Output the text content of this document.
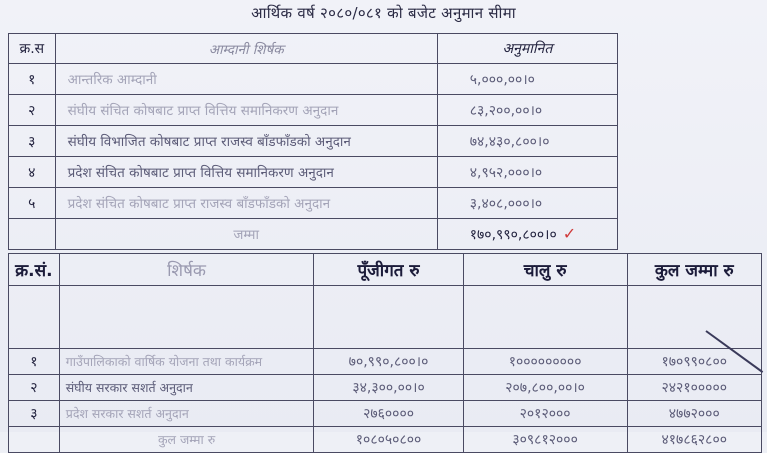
आर्थिक वर्ष २०८०/०८१ को बजेट अनुमान सीमा
क्र.स	आम्दानी शिर्षक	अनुमानित
१	आन्तरिक आम्दानी	५,०००,००।०
२	संघीय संचित कोषबाट प्राप्त वित्तिय समानिकरण अनुदान	८३,२००,००।०
३	संघीय विभाजित कोषबाट प्राप्त राजस्व बाँडफाँडको अनुदान	७४,४३०,८००।०
४	प्रदेश संचित कोषबाट प्राप्त वित्तिय समानिकरण अनुदान	४,९५२,०००।०
५	प्रदेश संचित कोषबाट प्राप्त राजस्व बाँडफाँडको अनुदान	३,४०८,०००।०
	जम्मा	१७०,९९०,८००।० ✓
क्र.सं.	शिर्षक	पूँजीगत रु	चालु रु	कुल जम्मा रु

१	गाउँपालिकाको वार्षिक योजना तथा कार्यक्रम	७०,९९०,८००।०	१०००००००००	१७०९९०८००
२	संघीय सरकार सशर्त अनुदान	३४,३००,००।०	२०७,८००,००।०	२४२१०००००
३	प्रदेश सरकार सशर्त अनुदान	२७६००००	२०१२०००	४७७२०००
	कुल जम्मा रु	१०८०५०८००	३०९८१२०००	४१७८६२८००
